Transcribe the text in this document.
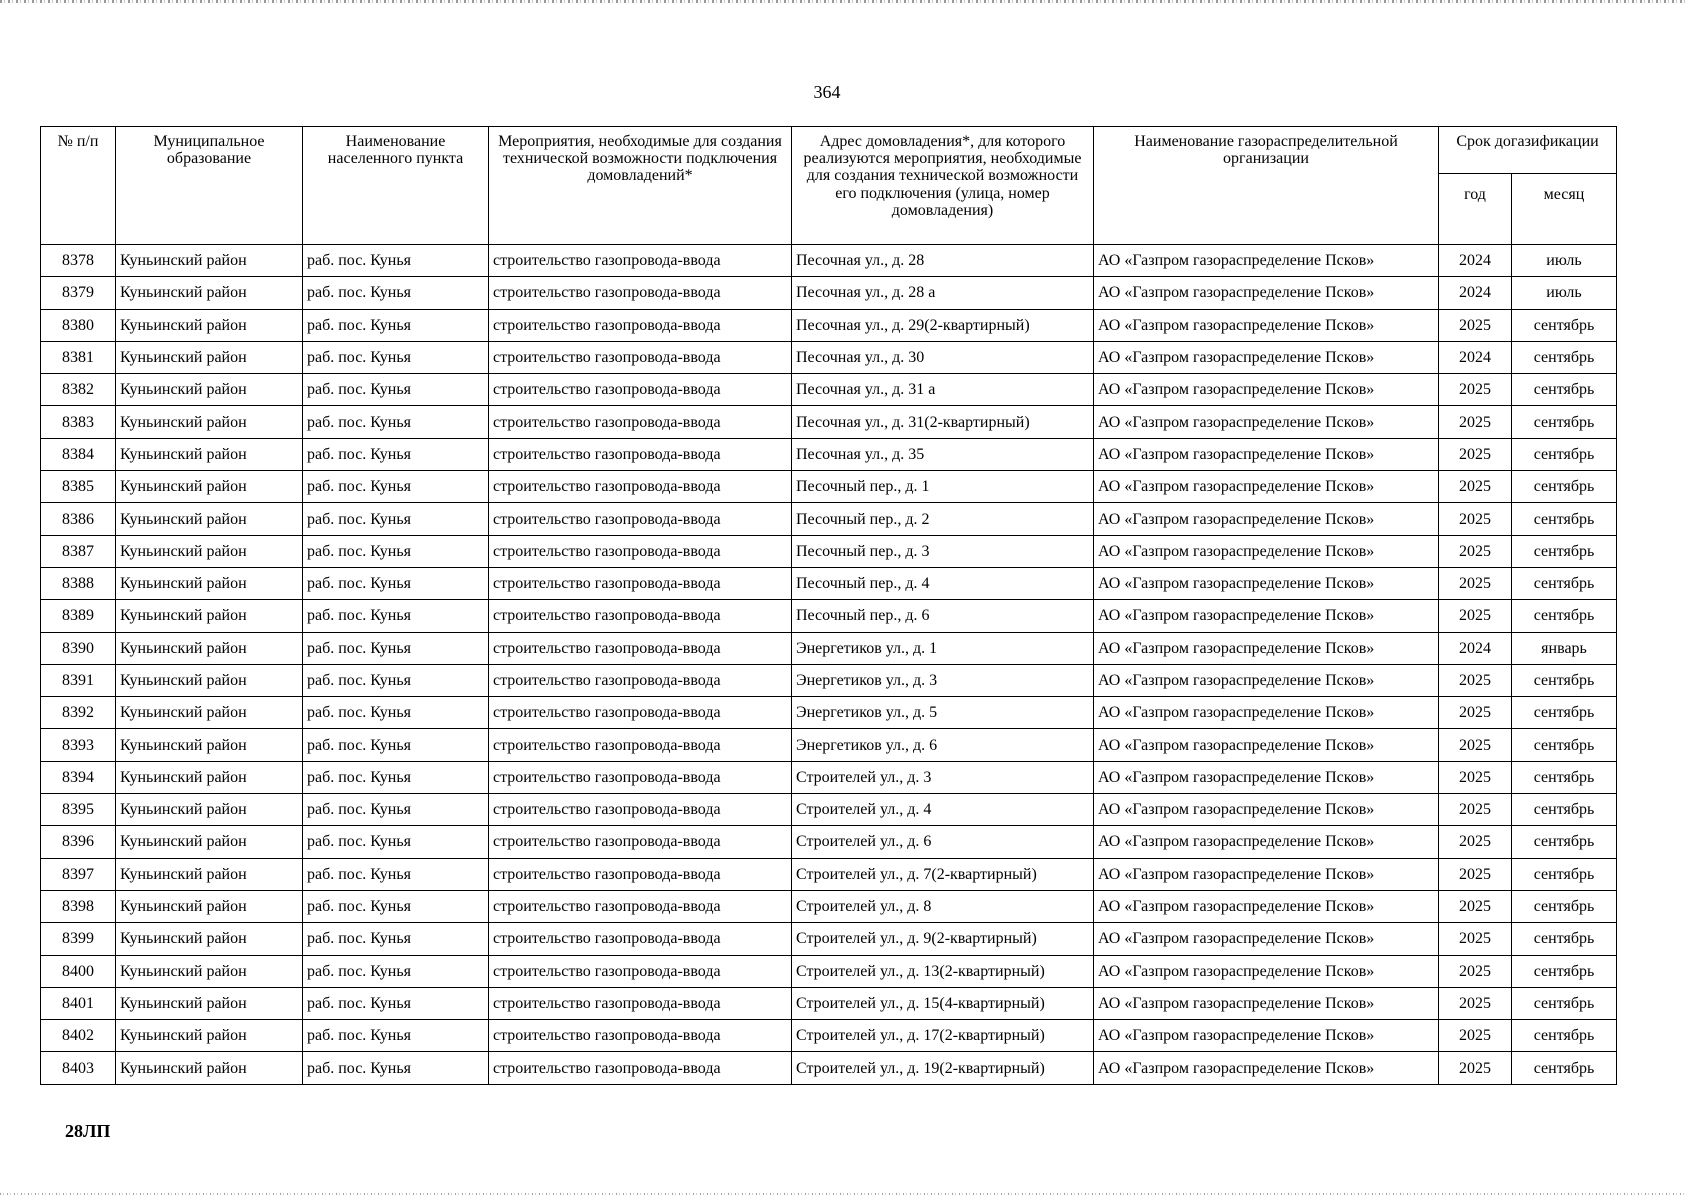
364
№ п/п	Муниципальное образование	Наименование населенного пункта	Мероприятия, необходимые для создания технической возможности подключения домовладений*	Адрес домовладения*, для которого реализуются мероприятия, необходимые для создания технической возможности его подключения (улица, номер домовладения)	Наименование газораспределительной организации	Срок догазификации	
						год	месяц
8378	Куньинский район	раб. пос. Кунья	строительство газопровода-ввода	Песочная ул., д. 28	АО «Газпром газораспределение Псков»	2024	июль
8379	Куньинский район	раб. пос. Кунья	строительство газопровода-ввода	Песочная ул., д. 28 а	АО «Газпром газораспределение Псков»	2024	июль
8380	Куньинский район	раб. пос. Кунья	строительство газопровода-ввода	Песочная ул., д. 29(2-квартирный)	АО «Газпром газораспределение Псков»	2025	сентябрь
8381	Куньинский район	раб. пос. Кунья	строительство газопровода-ввода	Песочная ул., д. 30	АО «Газпром газораспределение Псков»	2024	сентябрь
8382	Куньинский район	раб. пос. Кунья	строительство газопровода-ввода	Песочная ул., д. 31 а	АО «Газпром газораспределение Псков»	2025	сентябрь
8383	Куньинский район	раб. пос. Кунья	строительство газопровода-ввода	Песочная ул., д. 31(2-квартирный)	АО «Газпром газораспределение Псков»	2025	сентябрь
8384	Куньинский район	раб. пос. Кунья	строительство газопровода-ввода	Песочная ул., д. 35	АО «Газпром газораспределение Псков»	2025	сентябрь
8385	Куньинский район	раб. пос. Кунья	строительство газопровода-ввода	Песочный пер., д. 1	АО «Газпром газораспределение Псков»	2025	сентябрь
8386	Куньинский район	раб. пос. Кунья	строительство газопровода-ввода	Песочный пер., д. 2	АО «Газпром газораспределение Псков»	2025	сентябрь
8387	Куньинский район	раб. пос. Кунья	строительство газопровода-ввода	Песочный пер., д. 3	АО «Газпром газораспределение Псков»	2025	сентябрь
8388	Куньинский район	раб. пос. Кунья	строительство газопровода-ввода	Песочный пер., д. 4	АО «Газпром газораспределение Псков»	2025	сентябрь
8389	Куньинский район	раб. пос. Кунья	строительство газопровода-ввода	Песочный пер., д. 6	АО «Газпром газораспределение Псков»	2025	сентябрь
8390	Куньинский район	раб. пос. Кунья	строительство газопровода-ввода	Энергетиков ул., д. 1	АО «Газпром газораспределение Псков»	2024	январь
8391	Куньинский район	раб. пос. Кунья	строительство газопровода-ввода	Энергетиков ул., д. 3	АО «Газпром газораспределение Псков»	2025	сентябрь
8392	Куньинский район	раб. пос. Кунья	строительство газопровода-ввода	Энергетиков ул., д. 5	АО «Газпром газораспределение Псков»	2025	сентябрь
8393	Куньинский район	раб. пос. Кунья	строительство газопровода-ввода	Энергетиков ул., д. 6	АО «Газпром газораспределение Псков»	2025	сентябрь
8394	Куньинский район	раб. пос. Кунья	строительство газопровода-ввода	Строителей ул., д. 3	АО «Газпром газораспределение Псков»	2025	сентябрь
8395	Куньинский район	раб. пос. Кунья	строительство газопровода-ввода	Строителей ул., д. 4	АО «Газпром газораспределение Псков»	2025	сентябрь
8396	Куньинский район	раб. пос. Кунья	строительство газопровода-ввода	Строителей ул., д. 6	АО «Газпром газораспределение Псков»	2025	сентябрь
8397	Куньинский район	раб. пос. Кунья	строительство газопровода-ввода	Строителей ул., д. 7(2-квартирный)	АО «Газпром газораспределение Псков»	2025	сентябрь
8398	Куньинский район	раб. пос. Кунья	строительство газопровода-ввода	Строителей ул., д. 8	АО «Газпром газораспределение Псков»	2025	сентябрь
8399	Куньинский район	раб. пос. Кунья	строительство газопровода-ввода	Строителей ул., д. 9(2-квартирный)	АО «Газпром газораспределение Псков»	2025	сентябрь
8400	Куньинский район	раб. пос. Кунья	строительство газопровода-ввода	Строителей ул., д. 13(2-квартирный)	АО «Газпром газораспределение Псков»	2025	сентябрь
8401	Куньинский район	раб. пос. Кунья	строительство газопровода-ввода	Строителей ул., д. 15(4-квартирный)	АО «Газпром газораспределение Псков»	2025	сентябрь
8402	Куньинский район	раб. пос. Кунья	строительство газопровода-ввода	Строителей ул., д. 17(2-квартирный)	АО «Газпром газораспределение Псков»	2025	сентябрь
8403	Куньинский район	раб. пос. Кунья	строительство газопровода-ввода	Строителей ул., д. 19(2-квартирный)	АО «Газпром газораспределение Псков»	2025	сентябрь
28ЛП
